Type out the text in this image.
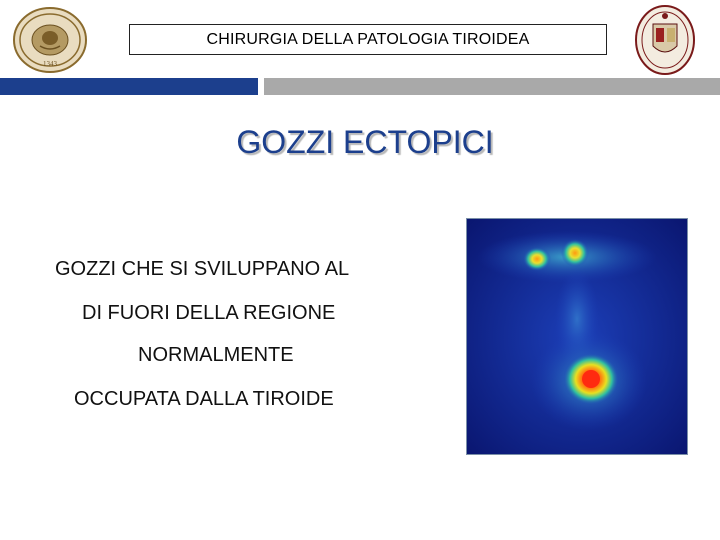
1343
CHIRURGIA DELLA PATOLOGIA TIROIDEA
GOZZI ECTOPICI
GOZZI CHE SI SVILUPPANO AL
DI FUORI DELLA REGIONE
NORMALMENTE
OCCUPATA DALLA TIROIDE
